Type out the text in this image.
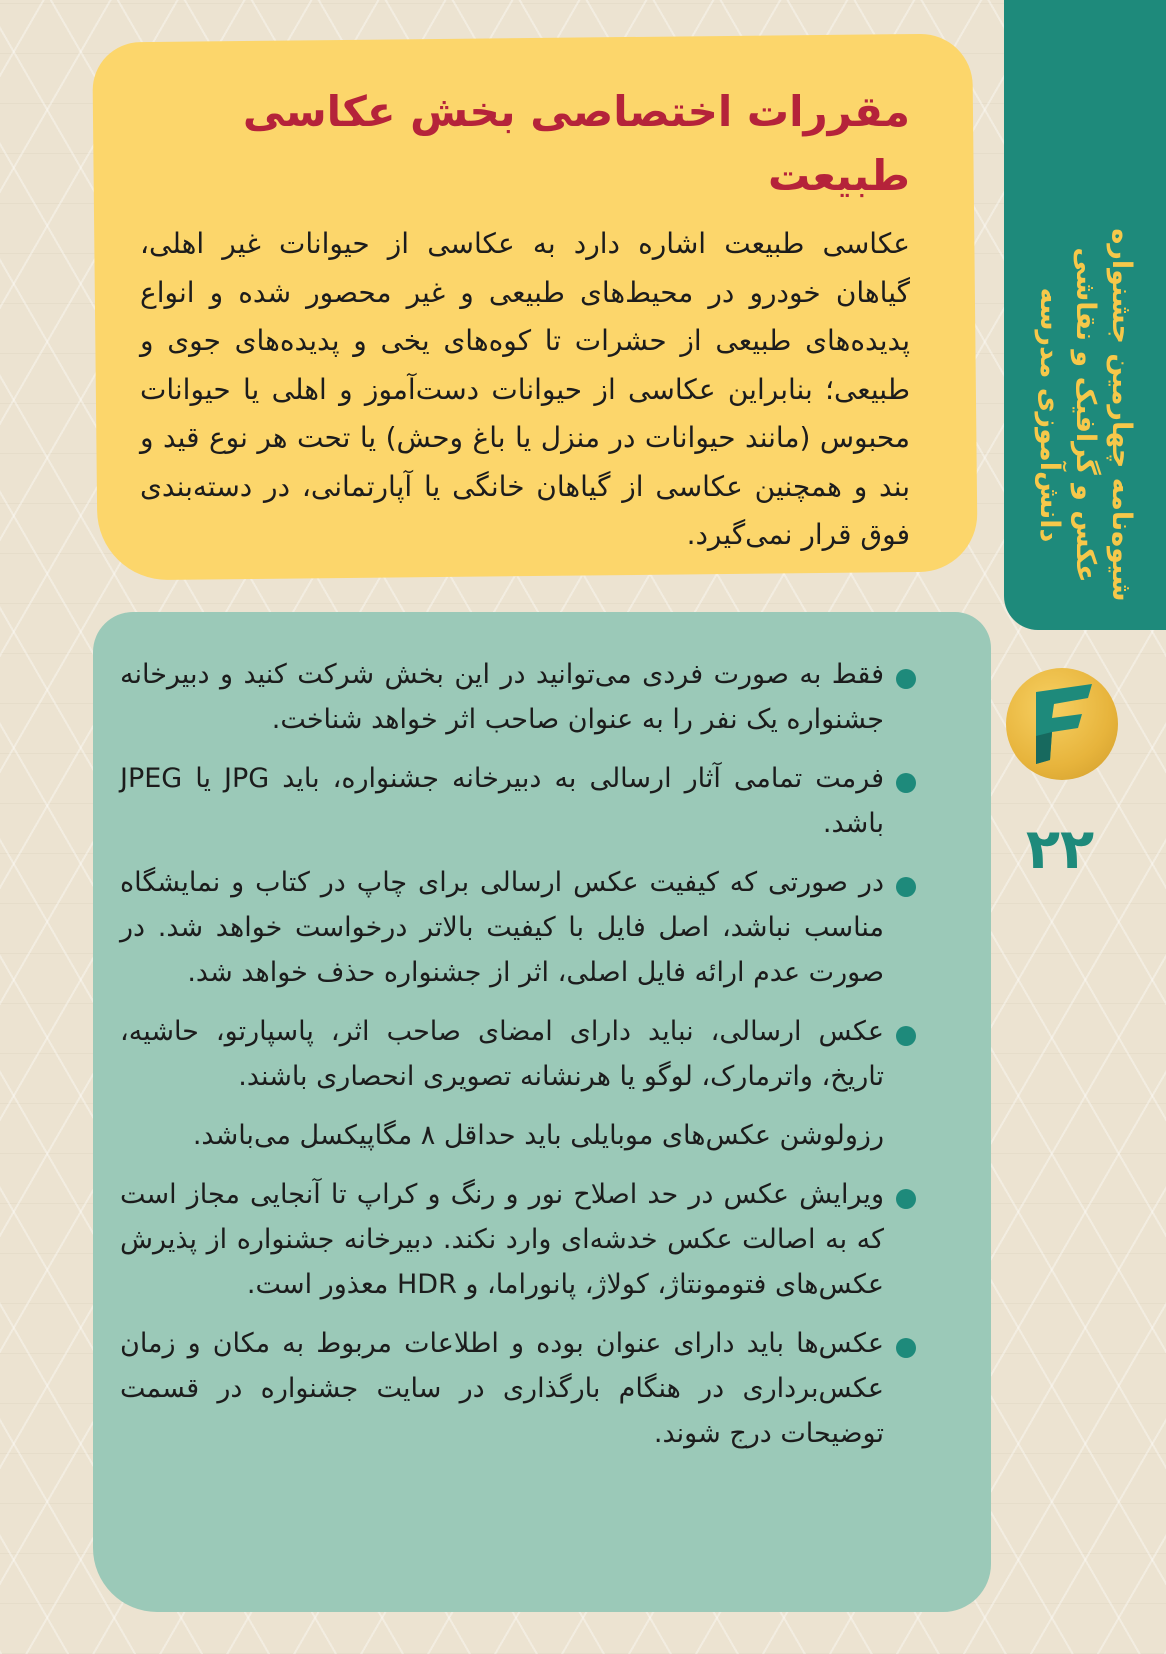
شیوه‌نامه چهارمین جشنواره
عکس و گرافیک و نقاشی
دانش‌آموزی مدرسه
۲۲
مقررات اختصاصی بخش عکاسی طبیعت

عکاسی طبیعت اشاره دارد به عکاسی از حیوانات غیر اهلی، گیاهان خودرو در محیط‌های طبیعی و غیر محصور شده و انواع پدیده‌های طبیعی از حشرات تا کوه‌های یخی و پدیده‌های جوی و طبیعی؛ بنابراین عکاسی از حیوانات دست‌آموز و اهلی یا حیوانات محبوس (مانند حیوانات در منزل یا باغ وحش) یا تحت هر نوع قید و بند و همچنین عکاسی از گیاهان خانگی یا آپارتمانی، در دسته‌بندی فوق قرار نمی‌گیرد.

فقط به صورت فردی می‌توانید در این بخش شرکت کنید و دبیرخانه جشنواره یک نفر را به عنوان صاحب اثر خواهد شناخت.
فرمت تمامی آثار ارسالی به دبیرخانه جشنواره، باید JPG یا JPEG باشد.
در صورتی که کیفیت عکس ارسالی برای چاپ در کتاب و نمایشگاه مناسب نباشد، اصل فایل با کیفیت بالاتر درخواست خواهد شد. در صورت عدم ارائه فایل اصلی، اثر از جشنواره حذف خواهد شد.
عکس ارسالی، نباید دارای امضای صاحب اثر، پاسپارتو، حاشیه، تاریخ، واترمارک، لوگو یا هرنشانه تصویری انحصاری باشند.
رزولوشن عکس‌های موبایلی باید حداقل ۸ مگاپیکسل می‌باشد.
ویرایش عکس در حد اصلاح نور و رنگ و کراپ تا آنجایی مجاز است که به اصالت عکس خدشه‌ای وارد نکند. دبیرخانه جشنواره از پذیرش عکس‌های فتومونتاژ، کولاژ، پانوراما، و HDR معذور است.
عکس‌ها باید دارای عنوان بوده و اطلاعات مربوط به مکان و زمان عکس‌برداری در هنگام بارگذاری در سایت جشنواره در قسمت توضیحات درج شوند.
